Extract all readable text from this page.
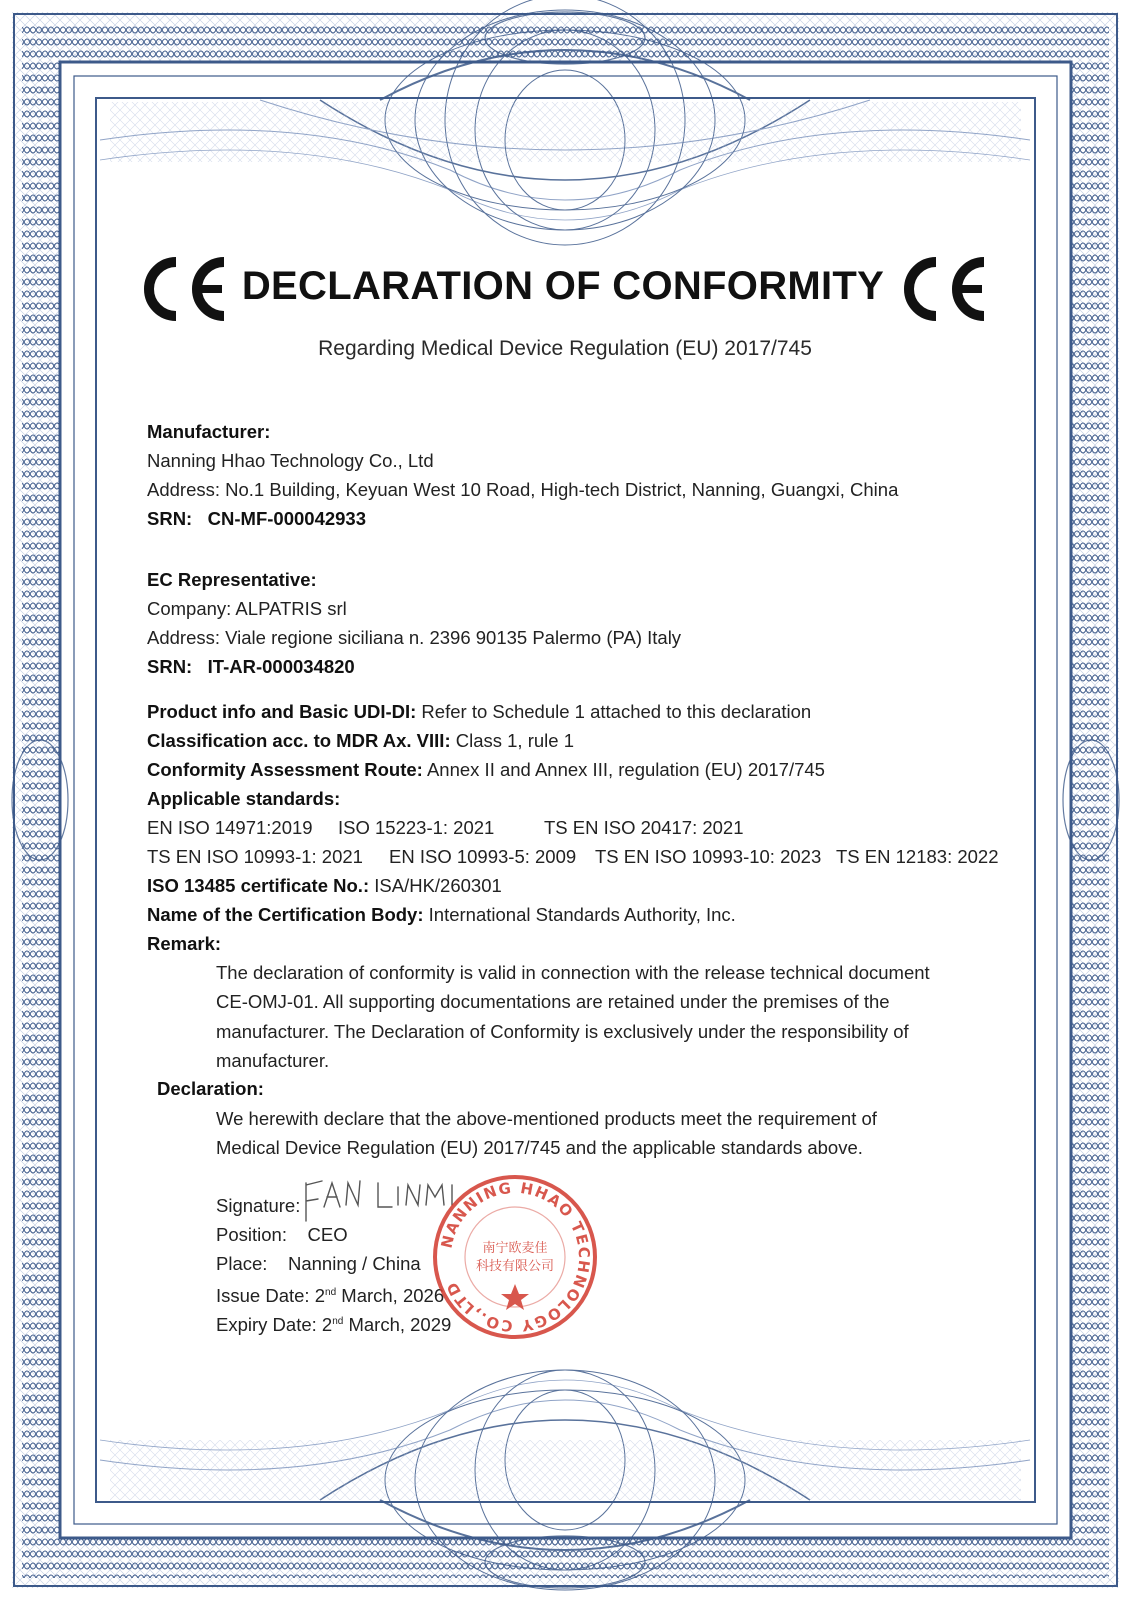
DECLARATION OF CONFORMITY
Regarding Medical Device Regulation (EU) 2017/745
Manufacturer:
Nanning Hhao Technology Co., Ltd
Address: No.1 Building, Keyuan West 10 Road, High-tech District, Nanning, Guangxi, China
SRN: CN-MF-000042933
EC Representative:
Company: ALPATRIS srl
Address: Viale regione siciliana n. 2396 90135 Palermo (PA) Italy
SRN: IT-AR-000034820
Product info and Basic UDI-DI: Refer to Schedule 1 attached to this declaration
Classification acc. to MDR Ax. VIII: Class 1, rule 1
Conformity Assessment Route: Annex II and Annex III, regulation (EU) 2017/745
Applicable standards:
EN ISO 14971:2019 ISO 15223-1: 2021	TS EN ISO 20417: 2021
TS EN ISO 10993-1: 2021 EN ISO 10993-5: 2009 TS EN ISO 10993-10: 2023 TS EN 12183: 2022
ISO 13485 certificate No.: ISA/HK/260301
Name of the Certification Body: International Standards Authority, Inc.
Remark:
The declaration of conformity is valid in connection with the release technical document
CE-OMJ-01. All supporting documentations are retained under the premises of the
manufacturer. The Declaration of Conformity is exclusively under the responsibility of
manufacturer.
Declaration:
We herewith declare that the above-mentioned products meet the requirement of
Medical Device Regulation (EU) 2017/745 and the applicable standards above.
Signature:
Position: CEO
Place: Nanning / China
Issue Date: 2nd March, 2026
Expiry Date: 2nd March, 2029
NANNING HHAO TECHNOLOGY CO.,LTD
南宁欧麦佳
科技有限公司
